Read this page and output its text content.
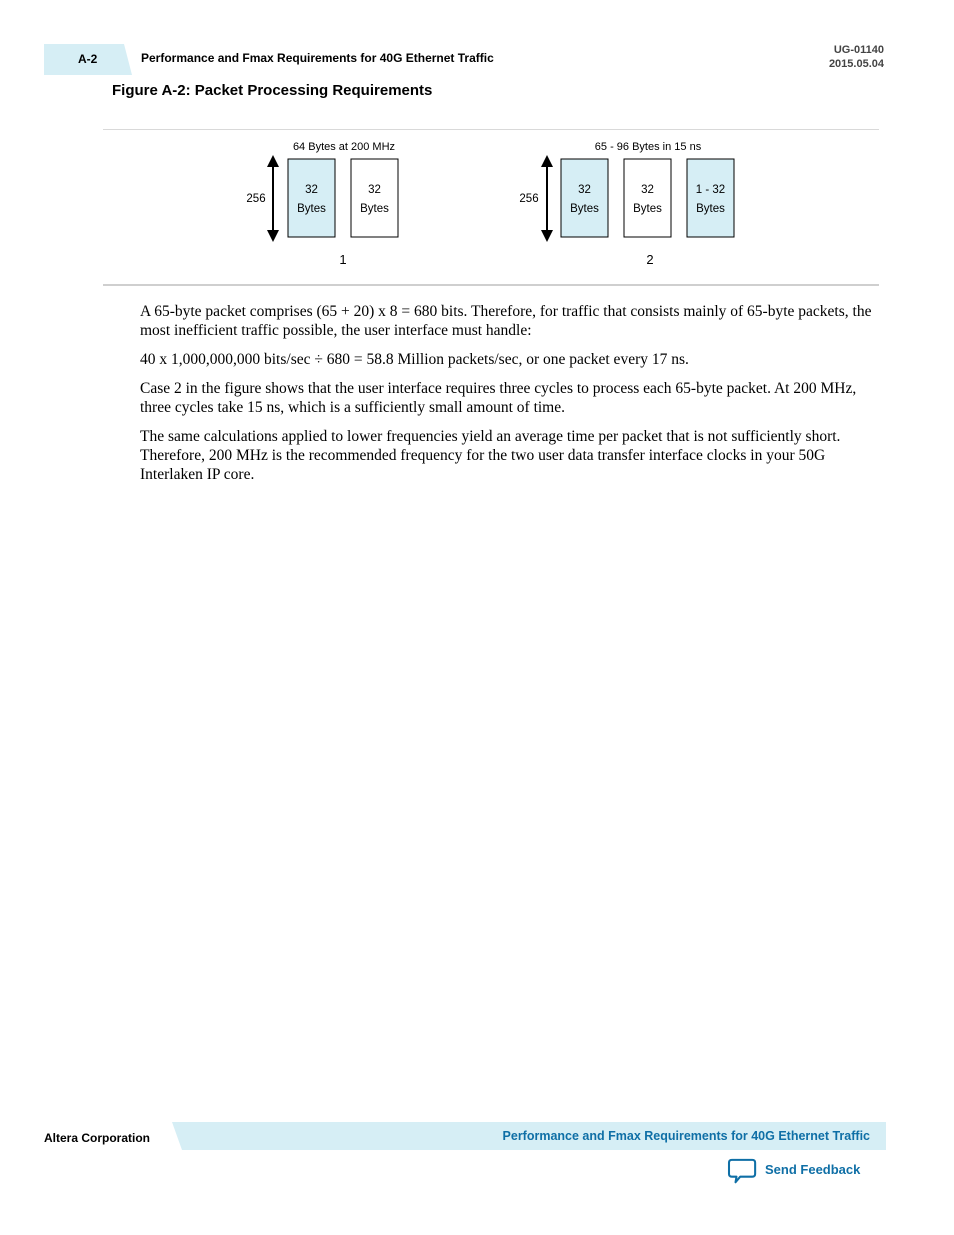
A-2	Performance and Fmax Requirements for 40G Ethernet Traffic
UG-01140
2015.05.04
Figure A-2: Packet Processing Requirements
64 Bytes at 200 MHz
256
32
Bytes
32
Bytes
1
65 - 96 Bytes in 15 ns
256
32
Bytes
32
Bytes
1 - 32
Bytes
2

A 65-byte packet comprises (65 + 20) x 8 = 680 bits. Therefore, for traffic that consists mainly of 65-byte packets, the most inefficient traffic possible, the user interface must handle:

40 x 1,000,000,000 bits/sec ÷ 680 = 58.8 Million packets/sec, or one packet every 17 ns.

Case 2 in the figure shows that the user interface requires three cycles to process each 65-byte packet. At 200 MHz, three cycles take 15 ns, which is a sufficiently small amount of time.

The same calculations applied to lower frequencies yield an average time per packet that is not sufficiently short. Therefore, 200 MHz is the recommended frequency for the two user data transfer interface clocks in your 50G Interlaken IP core.

Altera Corporation	Performance and Fmax Requirements for 40G Ethernet Traffic
Send Feedback
